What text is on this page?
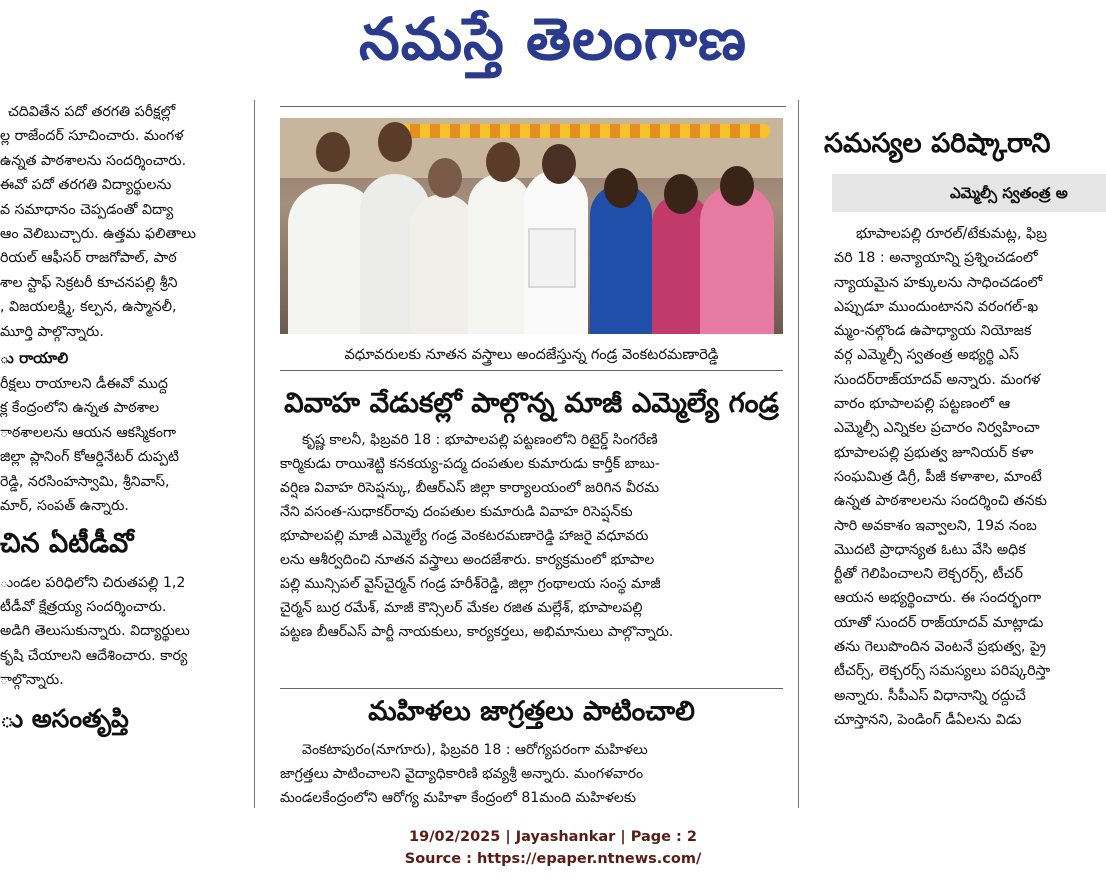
నమస్తే తెలంగాణ

చదివితేన పదో తరగతి పరీక్షల్లో

ల్ల రాజేందర్ సూచించారు. మంగళ

ఉన్నత పాఠశాలను సందర్శించారు.

ఈవో పదో తరగతి విద్యార్థులను

వ సమాధానం చెప్పడంతో విద్యా

ఆం వెలిబుచ్చారు. ఉత్తమ ఫలితాలు

రియల్ ఆఫీసర్ రాజగోపాల్, పాఠ

శాల స్టాఫ్ సెక్రటరీ కూచనపల్లి శ్రీని

, విజయలక్ష్మి, కల్పన, ఉస్మానలీ,

మూర్తి పాల్గొన్నారు.

ు రాయాలి

రీక్షలు రాయాలని డీఈవో ముద్ద

క్ల కేంద్రంలోని ఉన్నత పాఠశాల

ాఠశాలలను ఆయన ఆకస్మికంగా

జిల్లా ప్లానింగ్ కోఆర్డినేటర్ దుప్పటి

రెడ్డి, నరసింహస్వామి, శ్రీనివాస్,

మార్, సంపత్ ఉన్నారు.

చిన ఏటీడీవో

ుండల పరిధిలోని చిరుతపల్లి 1,2

టీడీవో క్షేత్రయ్య సందర్శించారు.

అడిగి తెలుసుకున్నారు. విద్యార్థులు

కృషి చేయాలని ఆదేశించారు. కార్య

ాల్గొన్నారు.

ు అసంతృప్తి
వధూవరులకు నూతన వస్త్రాలు అందజేస్తున్న గండ్ర వెంకటరమణారెడ్డి
వివాహ వేడుకల్లో పాల్గొన్న మాజీ ఎమ్మెల్యే గండ్ర

కృష్ణ కాలనీ, ఫిబ్రవరి 18 : భూపాలపల్లి పట్టణంలోని రిటైర్డ్ సింగరేణి

కార్మికుడు రాయిశెట్టి కనకయ్య-పద్మ దంపతుల కుమారుడు కార్తీక్ బాబు-

వర్షిణ వివాహ రిసెప్షన్కు, బీఆర్ఎస్ జిల్లా కార్యాలయంలో జరిగిన వీరమ

నేని వసంత-సుధాకర్‌రావు దంపతుల కుమారుడి వివాహ రిసెప్షన్‌కు

భూపాలపల్లి మాజీ ఎమ్మెల్యే గండ్ర వెంకటరమణారెడ్డి హాజరై వధూవరు

లను ఆశీర్వదించి నూతన వస్త్రాలు అందజేశారు. కార్యక్రమంలో భూపాల

పల్లి మున్సిపల్ వైస్‌చైర్మన్ గండ్ర హరీశ్‌రెడ్డి, జిల్లా గ్రంథాలయ సంస్థ మాజీ

చైర్మన్ బుర్ర రమేశ్, మాజీ కౌన్సిలర్ మేకల రజిత మల్లేశ్, భూపాలపల్లి

పట్టణ బీఆర్ఎస్ పార్టీ నాయకులు, కార్యకర్తలు, అభిమానులు పాల్గొన్నారు.

మహిళలు జాగ్రత్తలు పాటించాలి

వెంకటాపురం(నూగూరు), ఫిబ్రవరి 18 : ఆరోగ్యపరంగా మహిళలు

జాగ్రత్తలు పాటించాలని వైద్యాధికారిణి భవ్యశ్రీ అన్నారు. మంగళవారం

మండలకేంద్రంలోని ఆరోగ్య మహిళా కేంద్రంలో 81మంది మహిళలకు

సమస్యల పరిష్కారాని
ఎమ్మెల్సీ స్వతంత్ర అ

భూపాలపల్లి రూరల్/టేకుమట్ల, ఫిబ్ర

వరి 18 : అన్యాయాన్ని ప్రశ్నించడంలో

న్యాయమైన హక్కులను సాధించడంలో

ఎప్పుడూ ముందుంటానని వరంగల్-ఖ

మ్మం-నల్గొండ ఉపాధ్యాయ నియోజక

వర్గ ఎమ్మెల్సీ స్వతంత్ర అభ్యర్థి ఎస్

సుందర్‌రాజ్‌యాదవ్ అన్నారు. మంగళ

వారం భూపాలపల్లి పట్టణంలో ఆ

ఎమ్మెల్సీ ఎన్నికల ప్రచారం నిర్వహించా

భూపాలపల్లి ప్రభుత్వ జూనియర్ కళా

సంఘమిత్ర డిగ్రీ, పీజీ కళాశాల, మాంటే

ఉన్నత పాఠశాలలను సందర్శించి తనకు

సారి అవకాశం ఇవ్వాలని, 19వ నంబ

మొదటి ప్రాధాన్యత ఓటు వేసి అధిక

ర్టీతో గెలిపించాలని లెక్చరర్స్, టీచర్

ఆయన అభ్యర్థించారు. ఈ సందర్భంగా

యాతో సుందర్ రాజ్‌యాదవ్ మాట్లాడు

తను గెలుపొందిన వెంటనే ప్రభుత్వ, ప్రై

టీచర్స్, లెక్చరర్స్ సమస్యలు పరిష్కరిస్తా

అన్నారు. సీపీఎస్ విధానాన్ని రద్దుచే

చూస్తానని, పెండింగ్ డీఏలను విడు

19/02/2025 | Jayashankar | Page : 2
Source : https://epaper.ntnews.com/
